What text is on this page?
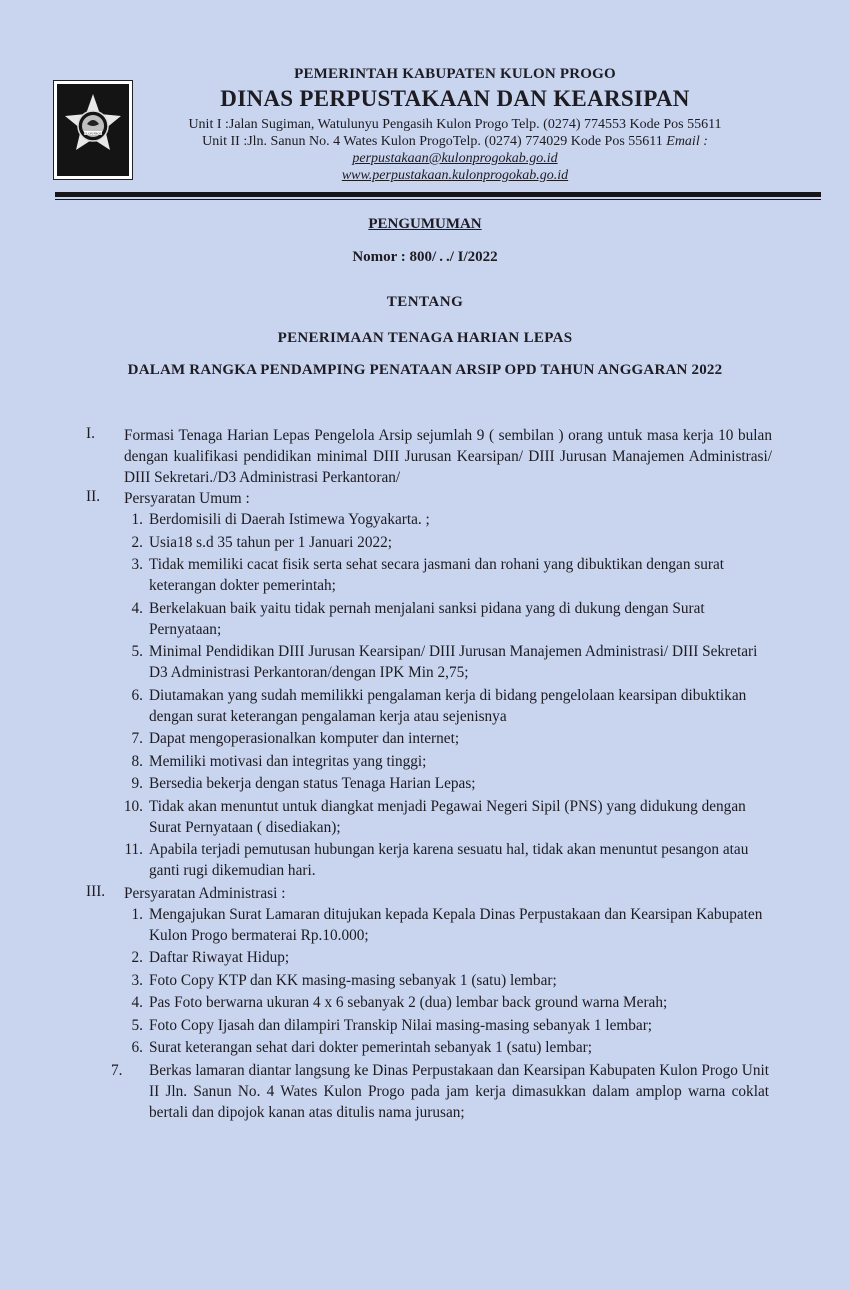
KULON PROGO

PEMERINTAH KABUPATEN KULON PROGO

DINAS PERPUSTAKAAN DAN KEARSIPAN

Unit I :Jalan Sugiman, Watulunyu Pengasih Kulon Progo Telp. (0274) 774553 Kode Pos 55611

Unit II :Jln. Sanun No. 4 Wates Kulon ProgoTelp. (0274) 774029 Kode Pos 55611 Email :

perpustakaan@kulonprogokab.go.id

www.perpustakaan.kulonprogokab.go.id

PENGUMUMAN

Nomor : 800/ ⁠. ⁠./ I/2022

TENTANG

PENERIMAAN TENAGA HARIAN LEPAS

DALAM RANGKA PENDAMPING PENATAAN ARSIP OPD TAHUN ANGGARAN 2022

I.	Formasi Tenaga Harian Lepas Pengelola Arsip sejumlah 9 ( sembilan ) orang untuk masa kerja 10 bulan dengan kualifikasi pendidikan minimal DIII Jurusan Kearsipan/ DIII Jurusan Manajemen Administrasi/ DIII Sekretari./D3 Administrasi Perkantoran/
II.	Persyaratan Umum :
1. Berdomisili di Daerah Istimewa Yogyakarta. ;
2. Usia18 s.d 35 tahun per 1 Januari 2022;
3. Tidak memiliki cacat fisik serta sehat secara jasmani dan rohani yang dibuktikan dengan surat keterangan dokter pemerintah;
4. Berkelakuan baik yaitu tidak pernah menjalani sanksi pidana yang di dukung dengan Surat Pernyataan;
5. Minimal Pendidikan DIII Jurusan Kearsipan/ DIII Jurusan Manajemen Administrasi/ DIII Sekretari D3 Administrasi Perkantoran/dengan IPK Min 2,75;
6. Diutamakan yang sudah memilikki pengalaman kerja di bidang pengelolaan kearsipan dibuktikan dengan surat keterangan pengalaman kerja atau sejenisnya
7. Dapat mengoperasionalkan komputer dan internet;
8. Memiliki motivasi dan integritas yang tinggi;
9. Bersedia bekerja dengan status Tenaga Harian Lepas;
10. Tidak akan menuntut untuk diangkat menjadi Pegawai Negeri Sipil (PNS) yang didukung dengan Surat Pernyataan ( disediakan);
11. Apabila terjadi pemutusan hubungan kerja karena sesuatu hal, tidak akan menuntut pesangon atau ganti rugi dikemudian hari.
III.	Persyaratan Administrasi :
1. Mengajukan Surat Lamaran ditujukan kepada Kepala Dinas Perpustakaan dan Kearsipan Kabupaten Kulon Progo bermaterai Rp.10.000;
2. Daftar Riwayat Hidup;
3. Foto Copy KTP dan KK masing-masing sebanyak 1 (satu) lembar;
4. Pas Foto berwarna ukuran 4 x 6 sebanyak 2 (dua) lembar back ground warna Merah;
5. Foto Copy Ijasah dan dilampiri Transkip Nilai masing-masing sebanyak 1 lembar;
6. Surat keterangan sehat dari dokter pemerintah sebanyak 1 (satu) lembar;
7.	Berkas lamaran diantar langsung ke Dinas Perpustakaan dan Kearsipan Kabupaten Kulon Progo Unit II Jln. Sanun No. 4 Wates Kulon Progo pada jam kerja dimasukkan dalam amplop warna coklat bertali dan dipojok kanan atas ditulis nama jurusan;
